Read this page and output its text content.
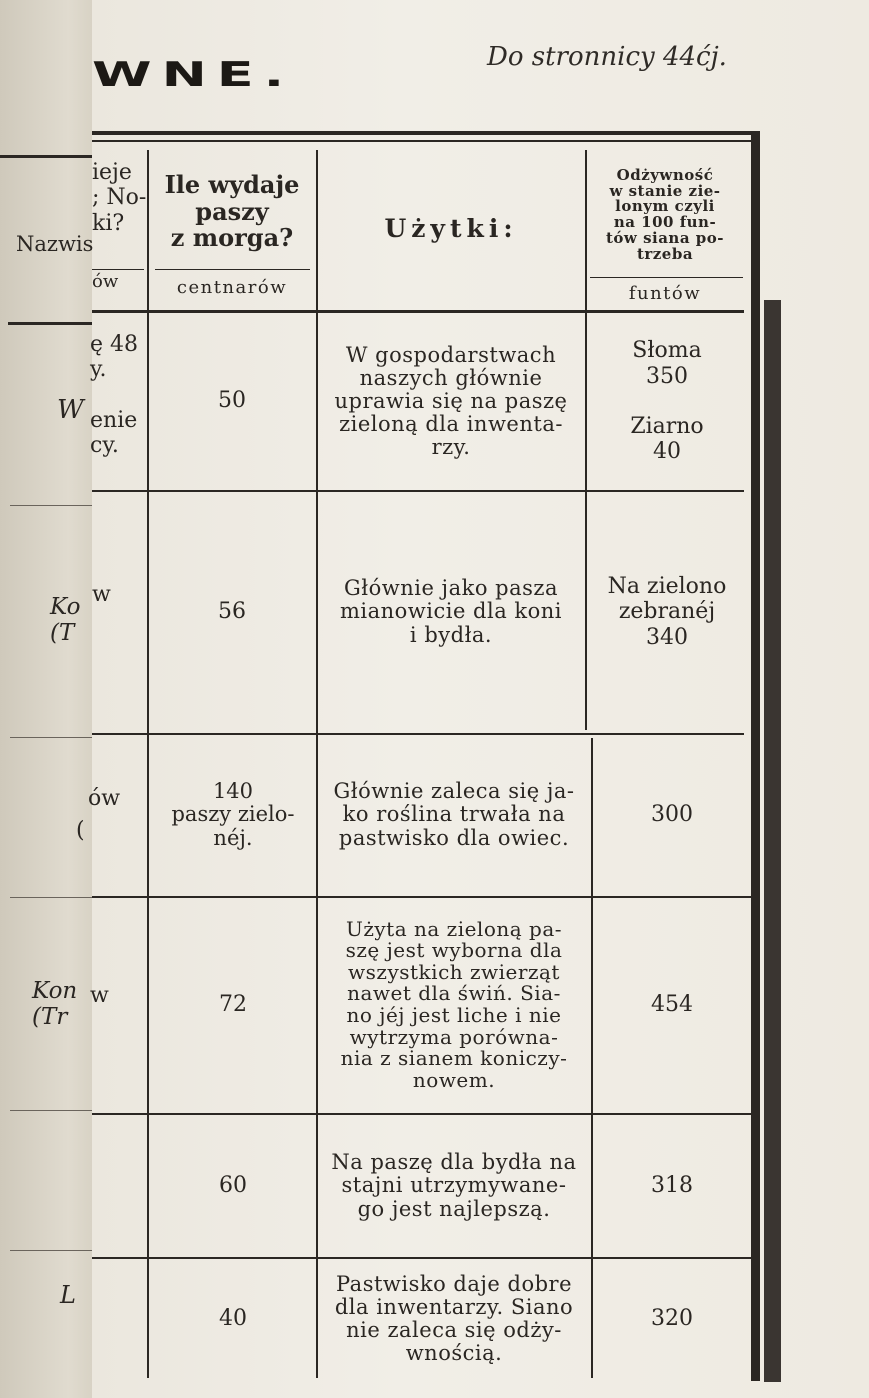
WNE.	Do stronnicy 44ćj.
ieje
; No-
ki?
Nazwis
ów
Ile wydaje
paszy
z morga?
centnarów
Użytki:
Odżywność
w stanie zie-
lonym czyli
na 100 fun-
tów siana po-
trzeba
funtów
ę 48
y.

enie
cy.
W	50
W gospodarstwach
naszych głównie
uprawia się na paszę
zieloną dla inwenta-
rzy.
Słoma
350

Ziarno
40
w
Ko
(T
56
Głównie jako pasza
mianowicie dla koni
i bydła.
Na zielono
zebranéj
340
ów
(
140
paszy zielo-
néj.
Głównie zaleca się ja-
ko roślina trwała na
pastwisko dla owiec.
300
w
Kon
(Tr
72
Użyta na zieloną pa-
szę jest wyborna dla
wszystkich zwierząt
nawet dla świń. Sia-
no jéj jest liche i nie
wytrzyma porówna-
nia z sianem koniczy-
nowem.
454
60
Na paszę dla bydła na
stajni utrzymywane-
go jest najlepszą.
318
L
40
Pastwisko daje dobre
dla inwentarzy. Siano
nie zaleca się odży-
wnością.
320
